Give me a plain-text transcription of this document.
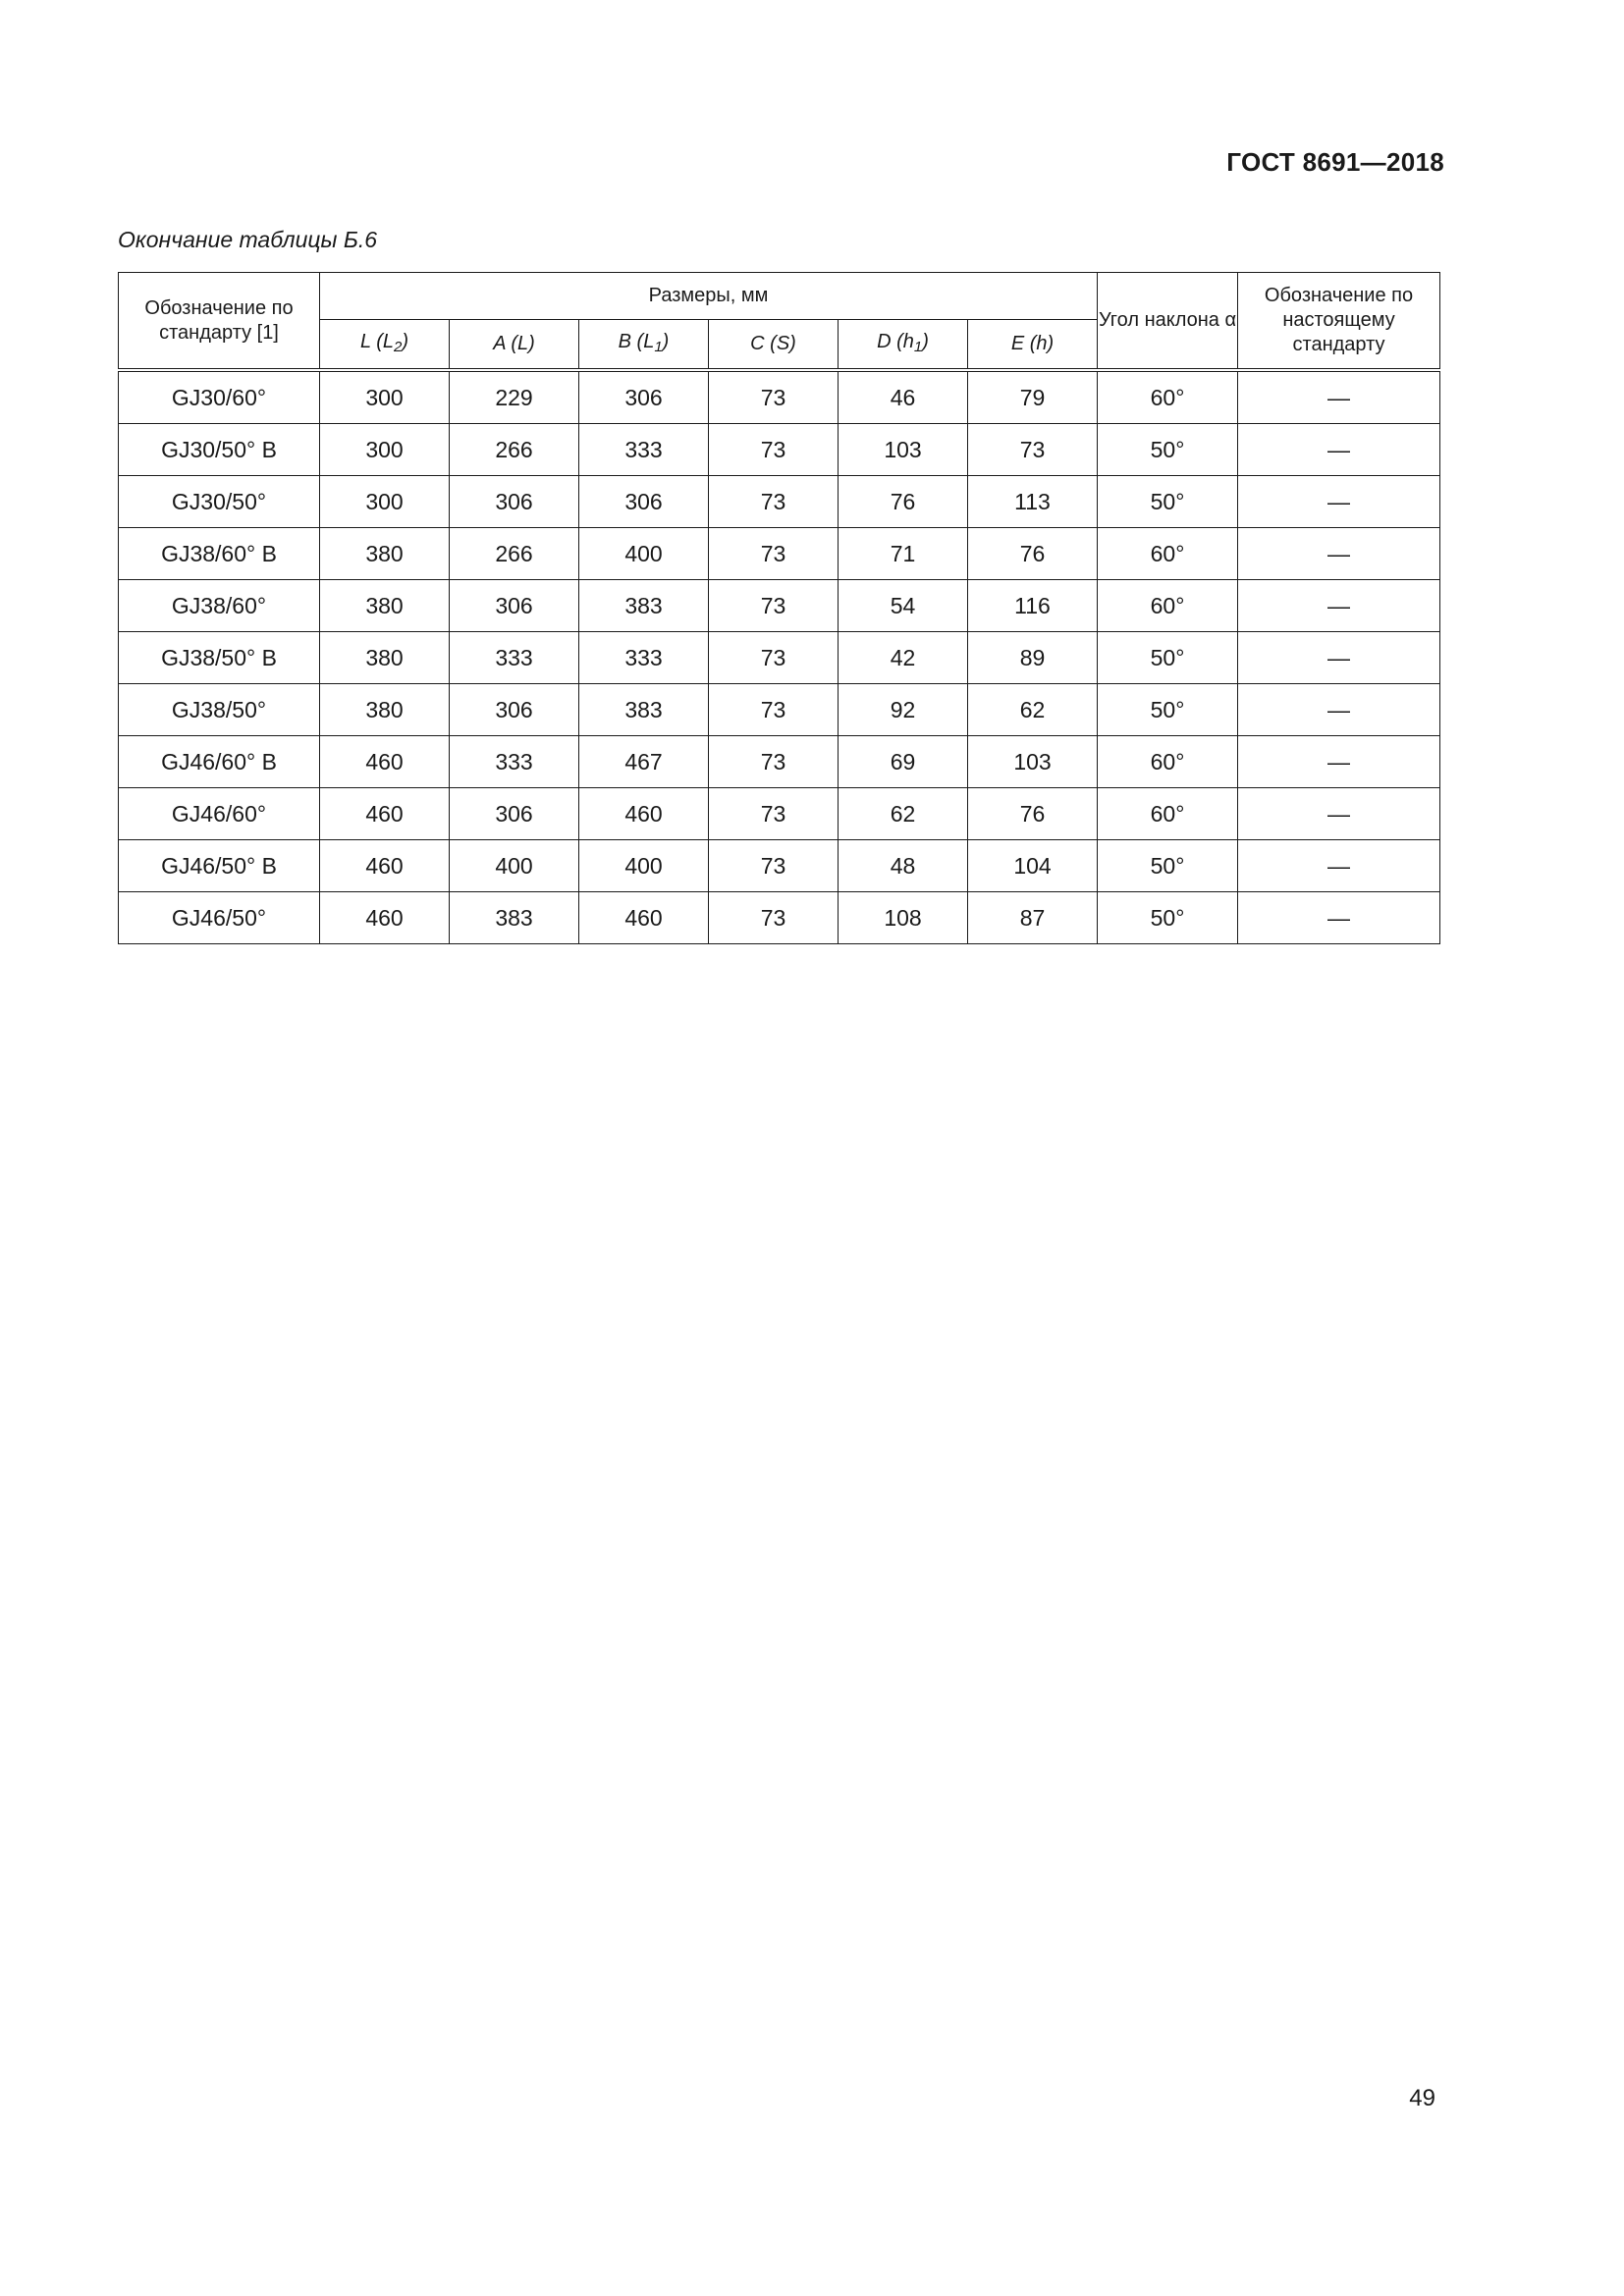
ГОСТ 8691—2018
Окончание таблицы Б.6
Обозначение по стандарту [1]	Размеры, мм						Угол наклона α	Обозначение по настоящему стандарту
	L $(L_2)$	A (L)	B $(L_1)$	C (S)	D $(h_1)$	E (h)		
GJ30/60°	300	229	306	73	46	79	60°	—
GJ30/50° B	300	266	333	73	103	73	50°	—
GJ30/50°	300	306	306	73	76	113	50°	—
GJ38/60° B	380	266	400	73	71	76	60°	—
GJ38/60°	380	306	383	73	54	116	60°	—
GJ38/50° B	380	333	333	73	42	89	50°	—
GJ38/50°	380	306	383	73	92	62	50°	—
GJ46/60° B	460	333	467	73	69	103	60°	—
GJ46/60°	460	306	460	73	62	76	60°	—
GJ46/50° B	460	400	400	73	48	104	50°	—
GJ46/50°	460	383	460	73	108	87	50°	—
49
